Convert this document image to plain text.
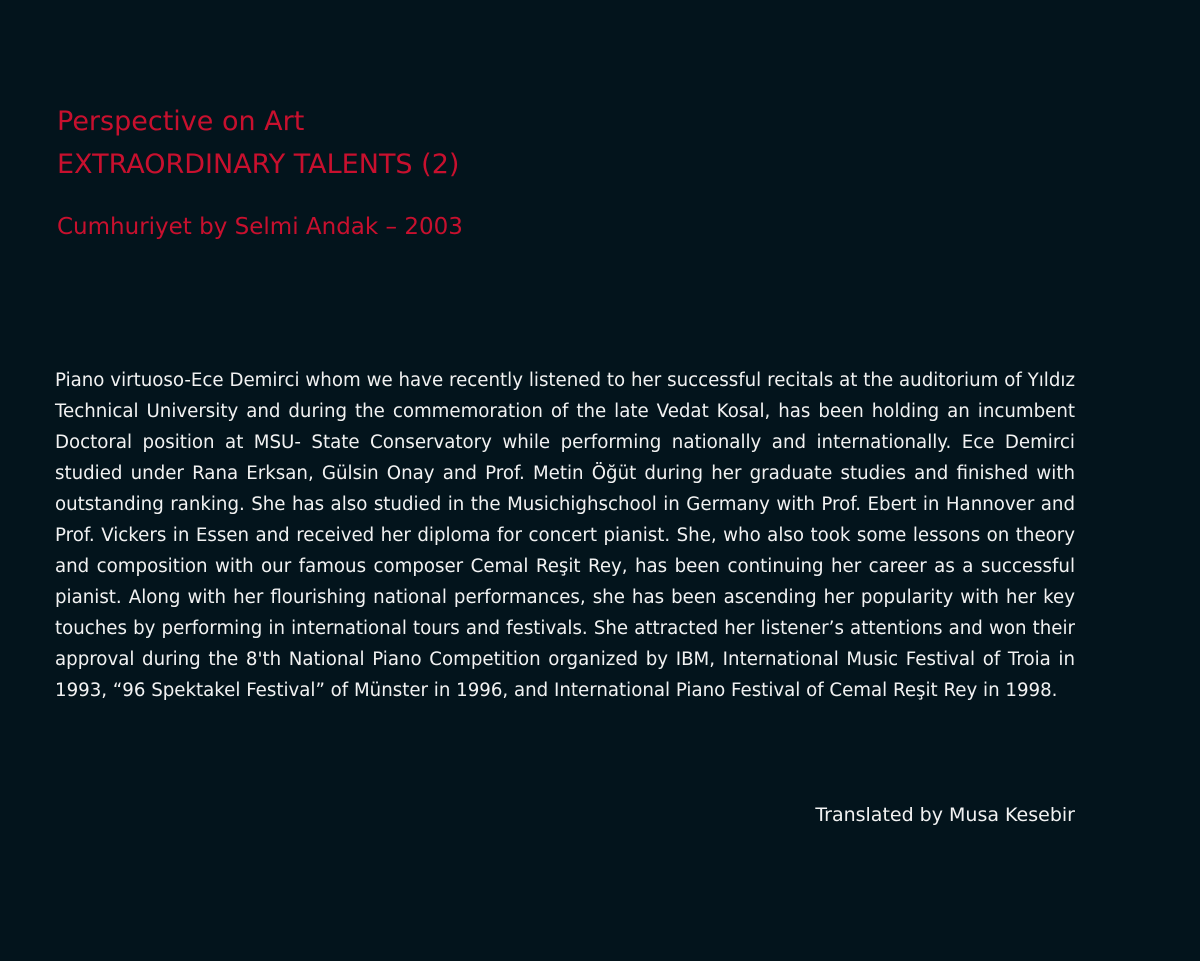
Perspective on Art
EXTRAORDINARY TALENTS (2)
Cumhuriyet by Selmi Andak – 2003

Piano virtuoso-Ece Demirci whom we have recently listened to her successful recitals at the auditorium of Yıldız Technical University and during the commemoration of the late Vedat Kosal, has been holding an incumbent Doctoral position at MSU- State Conservatory while performing nationally and internationally. Ece Demirci studied under Rana Erksan, Gülsin Onay and Prof. Metin Öğüt during her graduate studies and finished with outstanding ranking. She has also studied in the Musichighschool in Germany with Prof. Ebert in Hannover and Prof. Vickers in Essen and received her diploma for concert pianist. She, who also took some lessons on theory and composition with our famous composer Cemal Reşit Rey, has been continuing her career as a successful pianist. Along with her flourishing national performances, she has been ascending her popularity with her key touches by performing in international tours and festivals. She attracted her listener’s attentions and won their approval during the 8'th National Piano Competition organized by IBM, International Music Festival of Troia in 1993, “96 Spektakel Festival” of Münster in 1996, and International Piano Festival of Cemal Reşit Rey in 1998.

Translated by Musa Kesebir
